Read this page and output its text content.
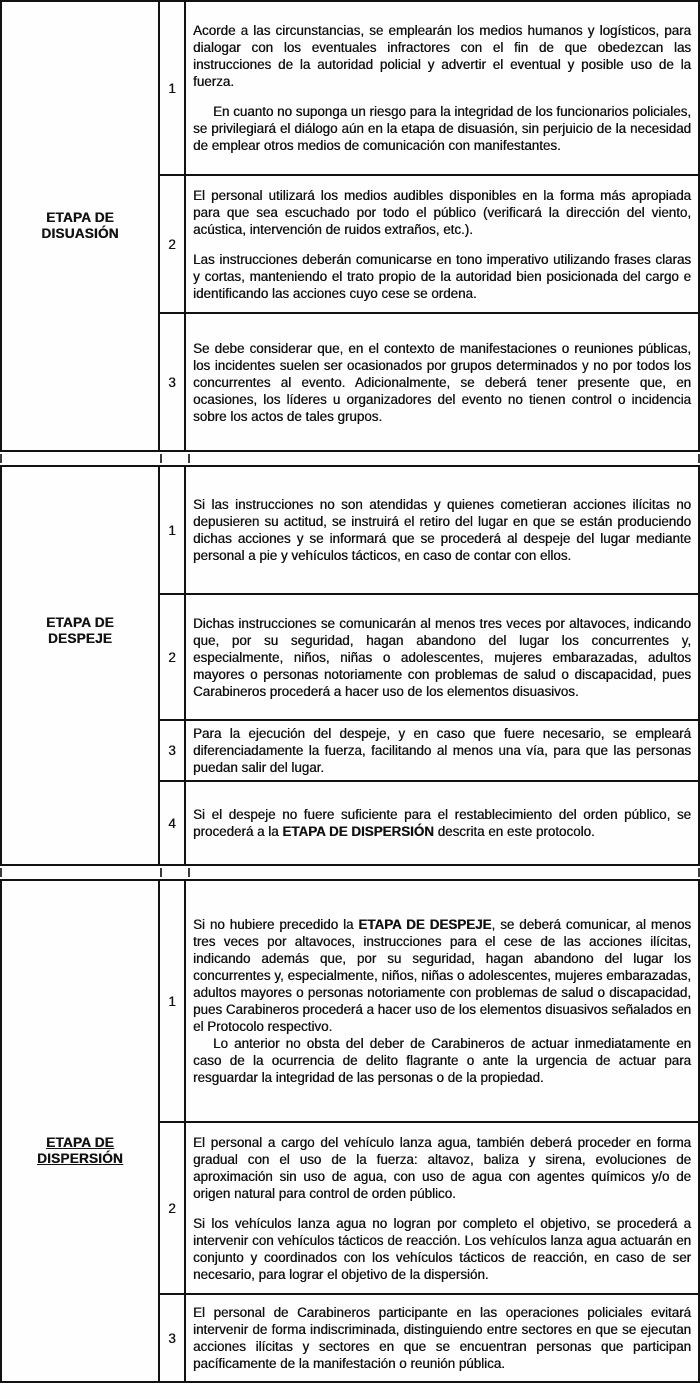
ETAPA DE DISUASIÓN
1

Acorde a las circunstancias, se emplearán los medios humanos y logísticos, para dialogar con los eventuales infractores con el fin de que obedezcan las instrucciones de la autoridad policial y advertir el eventual y posible uso de la fuerza.

En cuanto no suponga un riesgo para la integridad de los funcionarios policiales, se privilegiará el diálogo aún en la etapa de disuasión, sin perjuicio de la necesidad de emplear otros medios de comunicación con manifestantes.

2

El personal utilizará los medios audibles disponibles en la forma más apropiada para que sea escuchado por todo el público (verificará la dirección del viento, acústica, intervención de ruidos extraños, etc.).

Las instrucciones deberán comunicarse en tono imperativo utilizando frases claras y cortas, manteniendo el trato propio de la autoridad bien posicionada del cargo e identificando las acciones cuyo cese se ordena.

3

Se debe considerar que, en el contexto de manifestaciones o reuniones públicas, los incidentes suelen ser ocasionados por grupos determinados y no por todos los concurrentes al evento. Adicionalmente, se deberá tener presente que, en ocasiones, los líderes u organizadores del evento no tienen control o incidencia sobre los actos de tales grupos.

ETAPA DE DESPEJE
1

Si las instrucciones no son atendidas y quienes cometieran acciones ilícitas no depusieren su actitud, se instruirá el retiro del lugar en que se están produciendo dichas acciones y se informará que se procederá al despeje del lugar mediante personal a pie y vehículos tácticos, en caso de contar con ellos.

2

Dichas instrucciones se comunicarán al menos tres veces por altavoces, indicando que, por su seguridad, hagan abandono del lugar los concurrentes y, especialmente, niños, niñas o adolescentes, mujeres embarazadas, adultos mayores o personas notoriamente con problemas de salud o discapacidad, pues Carabineros procederá a hacer uso de los elementos disuasivos.

3

Para la ejecución del despeje, y en caso que fuere necesario, se empleará diferenciadamente la fuerza, facilitando al menos una vía, para que las personas puedan salir del lugar.

4

Si el despeje no fuere suficiente para el restablecimiento del orden público, se procederá a la ETAPA DE DISPERSIÓN descrita en este protocolo.

ETAPA DE DISPERSIÓN
1

Si no hubiere precedido la ETAPA DE DESPEJE, se deberá comunicar, al menos tres veces por altavoces, instrucciones para el cese de las acciones ilícitas, indicando además que, por su seguridad, hagan abandono del lugar los concurrentes y, especialmente, niños, niñas o adolescentes, mujeres embarazadas, adultos mayores o personas notoriamente con problemas de salud o discapacidad, pues Carabineros procederá a hacer uso de los elementos disuasivos señalados en el Protocolo respectivo.

Lo anterior no obsta del deber de Carabineros de actuar inmediatamente en caso de la ocurrencia de delito flagrante o ante la urgencia de actuar para resguardar la integridad de las personas o de la propiedad.

2

El personal a cargo del vehículo lanza agua, también deberá proceder en forma gradual con el uso de la fuerza: altavoz, baliza y sirena, evoluciones de aproximación sin uso de agua, con uso de agua con agentes químicos y/o de origen natural para control de orden público.

Si los vehículos lanza agua no logran por completo el objetivo, se procederá a intervenir con vehículos tácticos de reacción. Los vehículos lanza agua actuarán en conjunto y coordinados con los vehículos tácticos de reacción, en caso de ser necesario, para lograr el objetivo de la dispersión.

3

El personal de Carabineros participante en las operaciones policiales evitará intervenir de forma indiscriminada, distinguiendo entre sectores en que se ejecutan acciones ilícitas y sectores en que se encuentran personas que participan pacíficamente de la manifestación o reunión pública.
